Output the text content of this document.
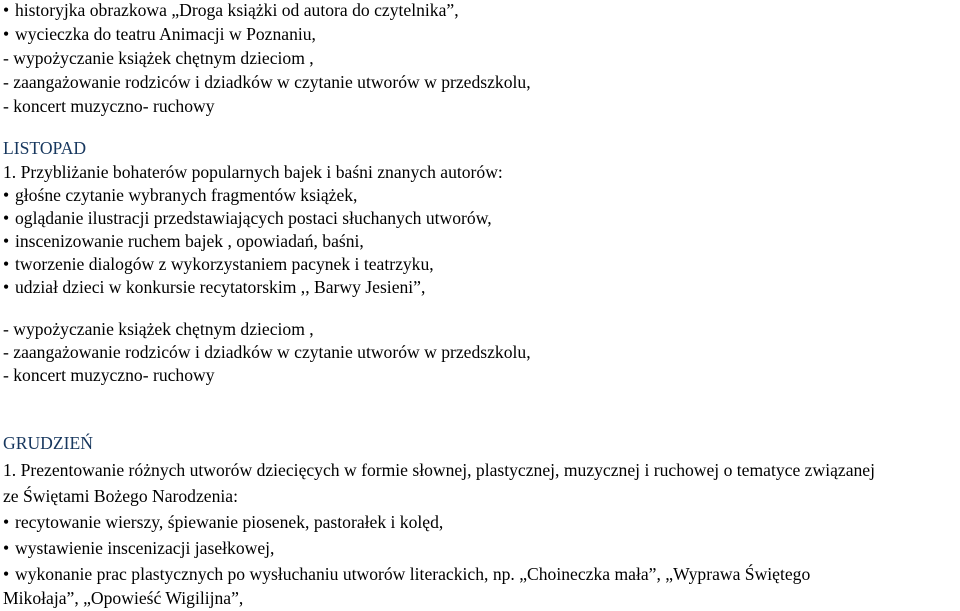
• historyjka obrazkowa „Droga książki od autora do czytelnika”,
• wycieczka do teatru Animacji w Poznaniu,
- wypożyczanie książek chętnym dzieciom ,
- zaangażowanie rodziców i dziadków w czytanie utworów w przedszkolu,
- koncert muzyczno- ruchowy
LISTOPAD
1. Przybliżanie bohaterów popularnych bajek i baśni znanych autorów:
• głośne czytanie wybranych fragmentów książek,
• oglądanie ilustracji przedstawiających postaci słuchanych utworów,
• inscenizowanie ruchem bajek , opowiadań, baśni,
• tworzenie dialogów z wykorzystaniem pacynek i teatrzyku,
• udział dzieci w konkursie recytatorskim ,, Barwy Jesieni”,
- wypożyczanie książek chętnym dzieciom ,
- zaangażowanie rodziców i dziadków w czytanie utworów w przedszkolu,
- koncert muzyczno- ruchowy
GRUDZIEŃ
1. Prezentowanie różnych utworów dziecięcych w formie słownej, plastycznej, muzycznej i ruchowej o tematyce związanej
ze Świętami Bożego Narodzenia:
• recytowanie wierszy, śpiewanie piosenek, pastorałek i kolęd,
• wystawienie inscenizacji jasełkowej,
• wykonanie prac plastycznych po wysłuchaniu utworów literackich, np. „Choineczka mała”, „Wyprawa Świętego
Mikołaja”, „Opowieść Wigilijna”,
